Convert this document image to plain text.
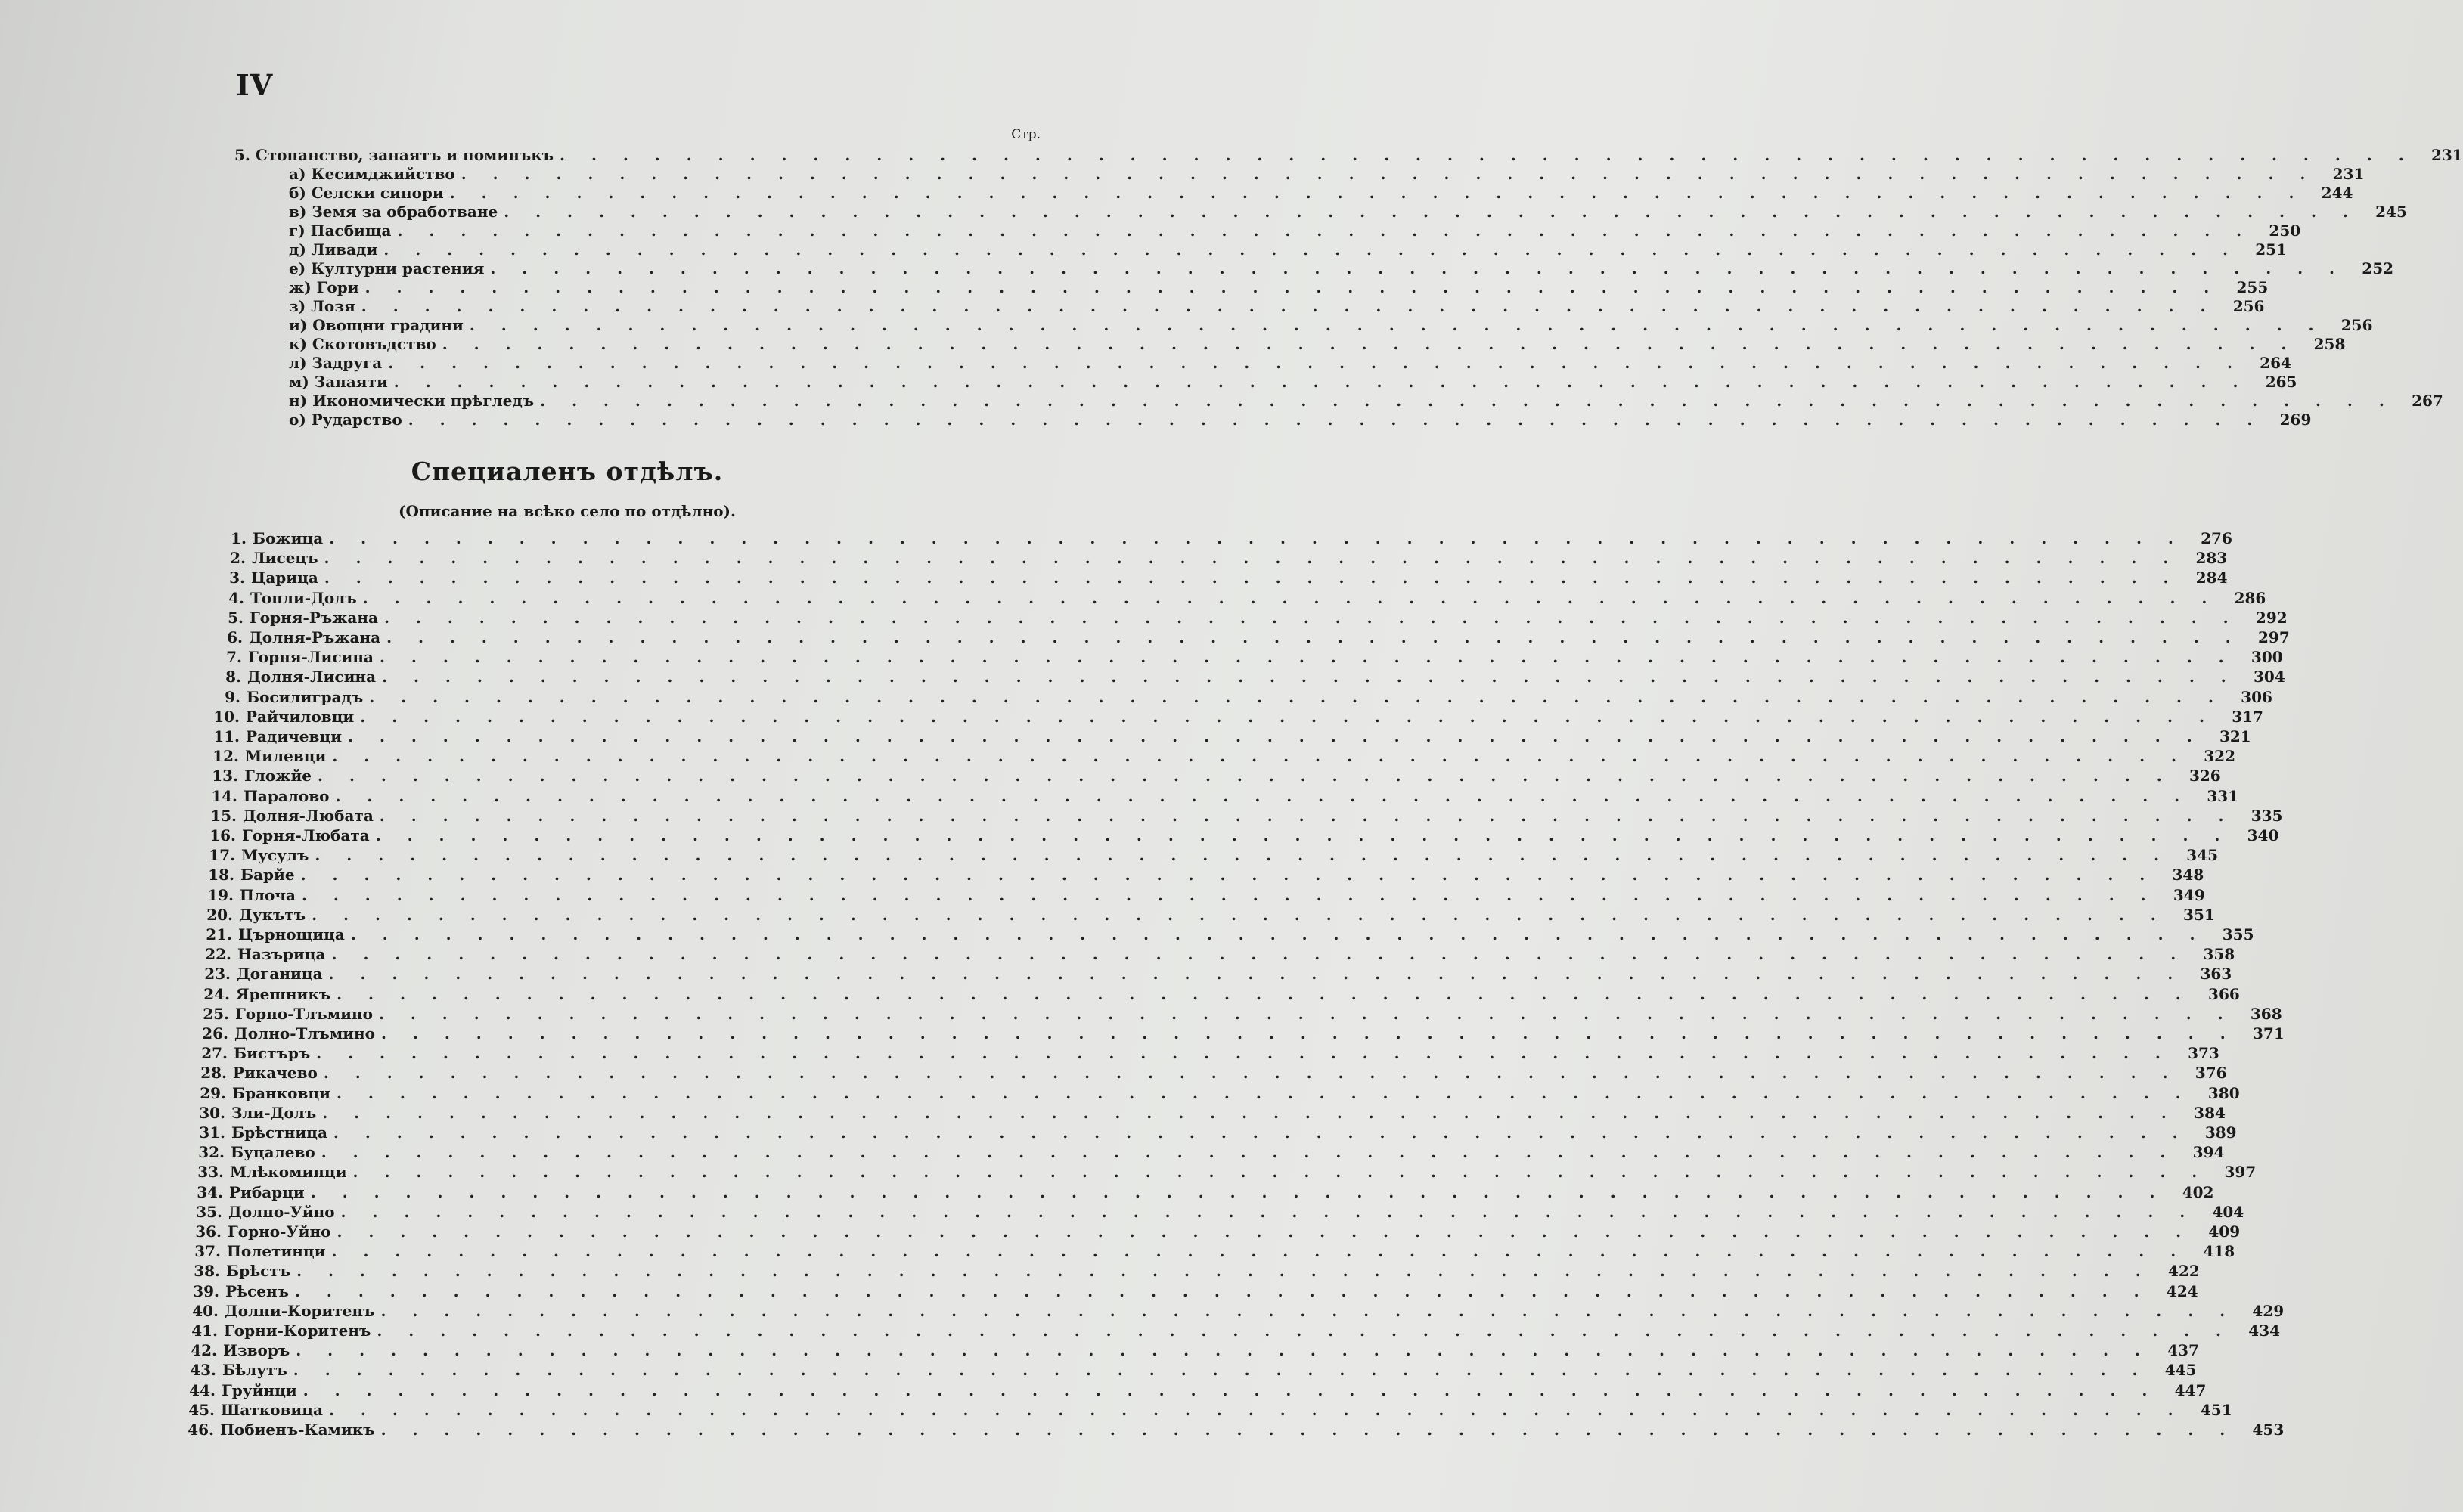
IV
Стр.
5. Стопанство, занаятъ и поминъкъ . . . . . . . . . . . . . . . . . . . . . . . . . . . . . . . . . . . . . . . . . . . . . . . . . . . . . . . . . . .	231
а) Кесимджийство . . . . . . . . . . . . . . . . . . . . . . . . . . . . . . . . . . . . . . . . . . . . . . . . . . . . . . . . . . .	231
б) Селски синори . . . . . . . . . . . . . . . . . . . . . . . . . . . . . . . . . . . . . . . . . . . . . . . . . . . . . . . . . . .	244
в) Земя за обработване . . . . . . . . . . . . . . . . . . . . . . . . . . . . . . . . . . . . . . . . . . . . . . . . . . . . . . . . . . .	245
г) Пасбища . . . . . . . . . . . . . . . . . . . . . . . . . . . . . . . . . . . . . . . . . . . . . . . . . . . . . . . . . . .	250
д) Ливади . . . . . . . . . . . . . . . . . . . . . . . . . . . . . . . . . . . . . . . . . . . . . . . . . . . . . . . . . . .	251
е) Културни растения . . . . . . . . . . . . . . . . . . . . . . . . . . . . . . . . . . . . . . . . . . . . . . . . . . . . . . . . . . .	252
ж) Гори . . . . . . . . . . . . . . . . . . . . . . . . . . . . . . . . . . . . . . . . . . . . . . . . . . . . . . . . . . .	255
з) Лозя . . . . . . . . . . . . . . . . . . . . . . . . . . . . . . . . . . . . . . . . . . . . . . . . . . . . . . . . . . .	256
и) Овощни градини . . . . . . . . . . . . . . . . . . . . . . . . . . . . . . . . . . . . . . . . . . . . . . . . . . . . . . . . . . .	256
к) Скотовъдство . . . . . . . . . . . . . . . . . . . . . . . . . . . . . . . . . . . . . . . . . . . . . . . . . . . . . . . . . . .	258
л) Задруга . . . . . . . . . . . . . . . . . . . . . . . . . . . . . . . . . . . . . . . . . . . . . . . . . . . . . . . . . . .	264
м) Занаяти . . . . . . . . . . . . . . . . . . . . . . . . . . . . . . . . . . . . . . . . . . . . . . . . . . . . . . . . . . .	265
н) Икономически прѣгледъ . . . . . . . . . . . . . . . . . . . . . . . . . . . . . . . . . . . . . . . . . . . . . . . . . . . . . . . . . . .	267
о) Рударство . . . . . . . . . . . . . . . . . . . . . . . . . . . . . . . . . . . . . . . . . . . . . . . . . . . . . . . . . . .	269
Специаленъ отдѣлъ.
(Описание на всѣко село по отдѣлно).
1. Божица . . . . . . . . . . . . . . . . . . . . . . . . . . . . . . . . . . . . . . . . . . . . . . . . . . . . . . . . . . .	276
2. Лисецъ . . . . . . . . . . . . . . . . . . . . . . . . . . . . . . . . . . . . . . . . . . . . . . . . . . . . . . . . . . .	283
3. Царица . . . . . . . . . . . . . . . . . . . . . . . . . . . . . . . . . . . . . . . . . . . . . . . . . . . . . . . . . . .	284
4. Топли-Долъ . . . . . . . . . . . . . . . . . . . . . . . . . . . . . . . . . . . . . . . . . . . . . . . . . . . . . . . . . . .	286
5. Горня-Ръжана . . . . . . . . . . . . . . . . . . . . . . . . . . . . . . . . . . . . . . . . . . . . . . . . . . . . . . . . . . .	292
6. Долня-Ръжана . . . . . . . . . . . . . . . . . . . . . . . . . . . . . . . . . . . . . . . . . . . . . . . . . . . . . . . . . . .	297
7. Горня-Лисина . . . . . . . . . . . . . . . . . . . . . . . . . . . . . . . . . . . . . . . . . . . . . . . . . . . . . . . . . . .	300
8. Долня-Лисина . . . . . . . . . . . . . . . . . . . . . . . . . . . . . . . . . . . . . . . . . . . . . . . . . . . . . . . . . . .	304
9. Босилиградъ . . . . . . . . . . . . . . . . . . . . . . . . . . . . . . . . . . . . . . . . . . . . . . . . . . . . . . . . . . .	306
10. Райчиловци . . . . . . . . . . . . . . . . . . . . . . . . . . . . . . . . . . . . . . . . . . . . . . . . . . . . . . . . . . .	317
11. Радичевци . . . . . . . . . . . . . . . . . . . . . . . . . . . . . . . . . . . . . . . . . . . . . . . . . . . . . . . . . . .	321
12. Милевци . . . . . . . . . . . . . . . . . . . . . . . . . . . . . . . . . . . . . . . . . . . . . . . . . . . . . . . . . . .	322
13. Гложйе . . . . . . . . . . . . . . . . . . . . . . . . . . . . . . . . . . . . . . . . . . . . . . . . . . . . . . . . . . .	326
14. Паралово . . . . . . . . . . . . . . . . . . . . . . . . . . . . . . . . . . . . . . . . . . . . . . . . . . . . . . . . . . .	331
15. Долня-Любата . . . . . . . . . . . . . . . . . . . . . . . . . . . . . . . . . . . . . . . . . . . . . . . . . . . . . . . . . . .	335
16. Горня-Любата . . . . . . . . . . . . . . . . . . . . . . . . . . . . . . . . . . . . . . . . . . . . . . . . . . . . . . . . . . .	340
17. Мусулъ . . . . . . . . . . . . . . . . . . . . . . . . . . . . . . . . . . . . . . . . . . . . . . . . . . . . . . . . . . .	345
18. Барйе . . . . . . . . . . . . . . . . . . . . . . . . . . . . . . . . . . . . . . . . . . . . . . . . . . . . . . . . . . .	348
19. Плоча . . . . . . . . . . . . . . . . . . . . . . . . . . . . . . . . . . . . . . . . . . . . . . . . . . . . . . . . . . .	349
20. Дукътъ . . . . . . . . . . . . . . . . . . . . . . . . . . . . . . . . . . . . . . . . . . . . . . . . . . . . . . . . . . .	351
21. Църнощица . . . . . . . . . . . . . . . . . . . . . . . . . . . . . . . . . . . . . . . . . . . . . . . . . . . . . . . . . . .	355
22. Назърица . . . . . . . . . . . . . . . . . . . . . . . . . . . . . . . . . . . . . . . . . . . . . . . . . . . . . . . . . . .	358
23. Доганица . . . . . . . . . . . . . . . . . . . . . . . . . . . . . . . . . . . . . . . . . . . . . . . . . . . . . . . . . . .	363
24. Ярешникъ . . . . . . . . . . . . . . . . . . . . . . . . . . . . . . . . . . . . . . . . . . . . . . . . . . . . . . . . . . .	366
25. Горно-Тлъмино . . . . . . . . . . . . . . . . . . . . . . . . . . . . . . . . . . . . . . . . . . . . . . . . . . . . . . . . . . .	368
26. Долно-Тлъмино . . . . . . . . . . . . . . . . . . . . . . . . . . . . . . . . . . . . . . . . . . . . . . . . . . . . . . . . . . .	371
27. Бистъръ . . . . . . . . . . . . . . . . . . . . . . . . . . . . . . . . . . . . . . . . . . . . . . . . . . . . . . . . . . .	373
28. Рикачево . . . . . . . . . . . . . . . . . . . . . . . . . . . . . . . . . . . . . . . . . . . . . . . . . . . . . . . . . . .	376
29. Бранковци . . . . . . . . . . . . . . . . . . . . . . . . . . . . . . . . . . . . . . . . . . . . . . . . . . . . . . . . . . .	380
30. Зли-Долъ . . . . . . . . . . . . . . . . . . . . . . . . . . . . . . . . . . . . . . . . . . . . . . . . . . . . . . . . . . .	384
31. Брѣстница . . . . . . . . . . . . . . . . . . . . . . . . . . . . . . . . . . . . . . . . . . . . . . . . . . . . . . . . . . .	389
32. Буцалево . . . . . . . . . . . . . . . . . . . . . . . . . . . . . . . . . . . . . . . . . . . . . . . . . . . . . . . . . . .	394
33. Млѣкоминци . . . . . . . . . . . . . . . . . . . . . . . . . . . . . . . . . . . . . . . . . . . . . . . . . . . . . . . . . . .	397
34. Рибарци . . . . . . . . . . . . . . . . . . . . . . . . . . . . . . . . . . . . . . . . . . . . . . . . . . . . . . . . . . .	402
35. Долно-Уйно . . . . . . . . . . . . . . . . . . . . . . . . . . . . . . . . . . . . . . . . . . . . . . . . . . . . . . . . . . .	404
36. Горно-Уйно . . . . . . . . . . . . . . . . . . . . . . . . . . . . . . . . . . . . . . . . . . . . . . . . . . . . . . . . . . .	409
37. Полетинци . . . . . . . . . . . . . . . . . . . . . . . . . . . . . . . . . . . . . . . . . . . . . . . . . . . . . . . . . . .	418
38. Брѣстъ . . . . . . . . . . . . . . . . . . . . . . . . . . . . . . . . . . . . . . . . . . . . . . . . . . . . . . . . . . .	422
39. Рѣсенъ . . . . . . . . . . . . . . . . . . . . . . . . . . . . . . . . . . . . . . . . . . . . . . . . . . . . . . . . . . .	424
40. Долни-Коритенъ . . . . . . . . . . . . . . . . . . . . . . . . . . . . . . . . . . . . . . . . . . . . . . . . . . . . . . . . . . .	429
41. Горни-Коритенъ . . . . . . . . . . . . . . . . . . . . . . . . . . . . . . . . . . . . . . . . . . . . . . . . . . . . . . . . . . .	434
42. Изворъ . . . . . . . . . . . . . . . . . . . . . . . . . . . . . . . . . . . . . . . . . . . . . . . . . . . . . . . . . . .	437
43. Бѣлутъ . . . . . . . . . . . . . . . . . . . . . . . . . . . . . . . . . . . . . . . . . . . . . . . . . . . . . . . . . . .	445
44. Груйнци . . . . . . . . . . . . . . . . . . . . . . . . . . . . . . . . . . . . . . . . . . . . . . . . . . . . . . . . . . .	447
45. Шатковица . . . . . . . . . . . . . . . . . . . . . . . . . . . . . . . . . . . . . . . . . . . . . . . . . . . . . . . . . . .	451
46. Побиенъ-Камикъ . . . . . . . . . . . . . . . . . . . . . . . . . . . . . . . . . . . . . . . . . . . . . . . . . . . . . . . . . . .	453
